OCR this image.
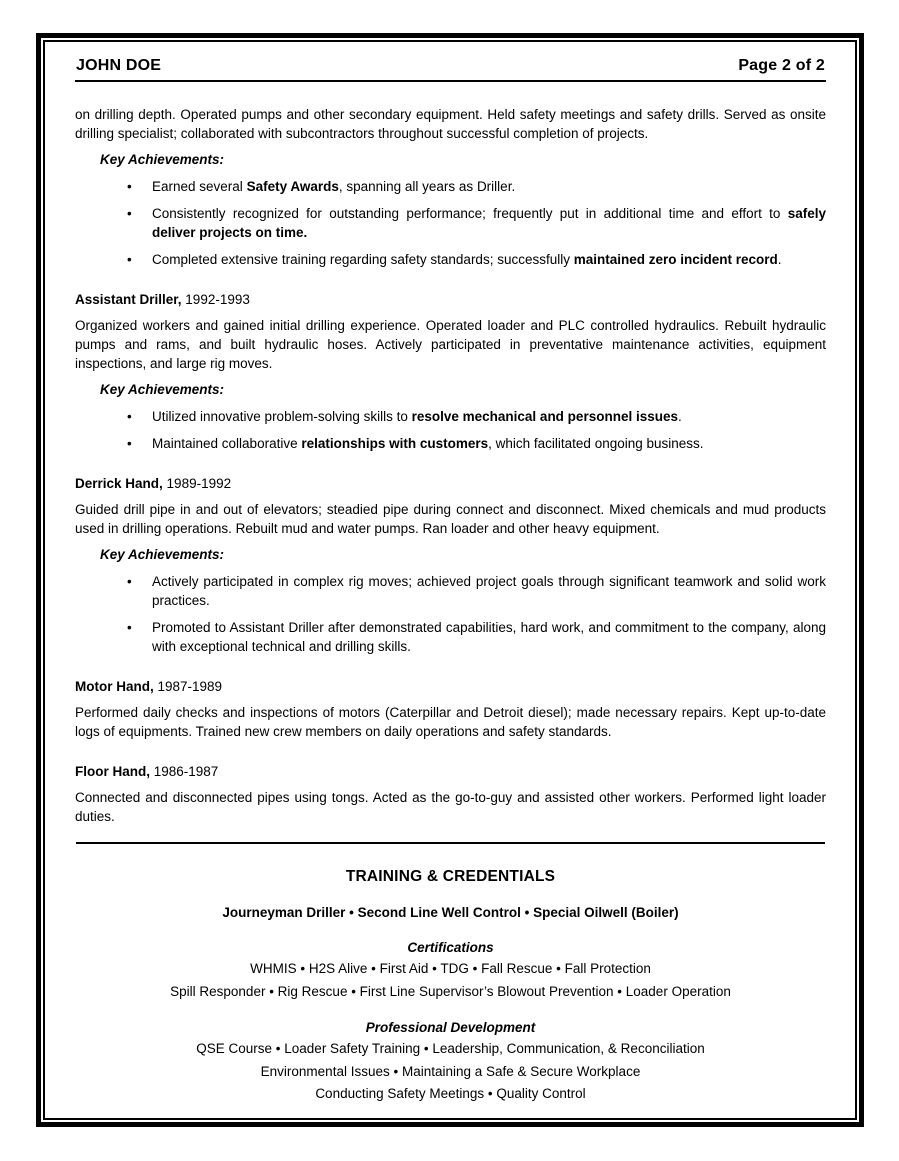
JOHN DOE	Page 2 of 2
on drilling depth. Operated pumps and other secondary equipment. Held safety meetings and safety drills. Served as onsite drilling specialist; collaborated with subcontractors throughout successful completion of projects.
Key Achievements:
• Earned several Safety Awards, spanning all years as Driller.
• Consistently recognized for outstanding performance; frequently put in additional time and effort to safely deliver projects on time.
• Completed extensive training regarding safety standards; successfully maintained zero incident record.
Assistant Driller, 1992-1993
Organized workers and gained initial drilling experience. Operated loader and PLC controlled hydraulics. Rebuilt hydraulic pumps and rams, and built hydraulic hoses. Actively participated in preventative maintenance activities, equipment inspections, and large rig moves.
Key Achievements:
• Utilized innovative problem-solving skills to resolve mechanical and personnel issues.
• Maintained collaborative relationships with customers, which facilitated ongoing business.
Derrick Hand, 1989-1992
Guided drill pipe in and out of elevators; steadied pipe during connect and disconnect. Mixed chemicals and mud products used in drilling operations. Rebuilt mud and water pumps. Ran loader and other heavy equipment.
Key Achievements:
• Actively participated in complex rig moves; achieved project goals through significant teamwork and solid work practices.
• Promoted to Assistant Driller after demonstrated capabilities, hard work, and commitment to the company, along with exceptional technical and drilling skills.
Motor Hand, 1987-1989
Performed daily checks and inspections of motors (Caterpillar and Detroit diesel); made necessary repairs. Kept up-to-date logs of equipments. Trained new crew members on daily operations and safety standards.
Floor Hand, 1986-1987
Connected and disconnected pipes using tongs. Acted as the go-to-guy and assisted other workers. Performed light loader duties.
TRAINING & CREDENTIALS
Journeyman Driller • Second Line Well Control • Special Oilwell (Boiler)
Certifications
WHMIS • H2S Alive • First Aid • TDG • Fall Rescue • Fall Protection
Spill Responder • Rig Rescue • First Line Supervisor’s Blowout Prevention • Loader Operation
Professional Development
QSE Course • Loader Safety Training • Leadership, Communication, & Reconciliation
Environmental Issues • Maintaining a Safe & Secure Workplace
Conducting Safety Meetings • Quality Control
